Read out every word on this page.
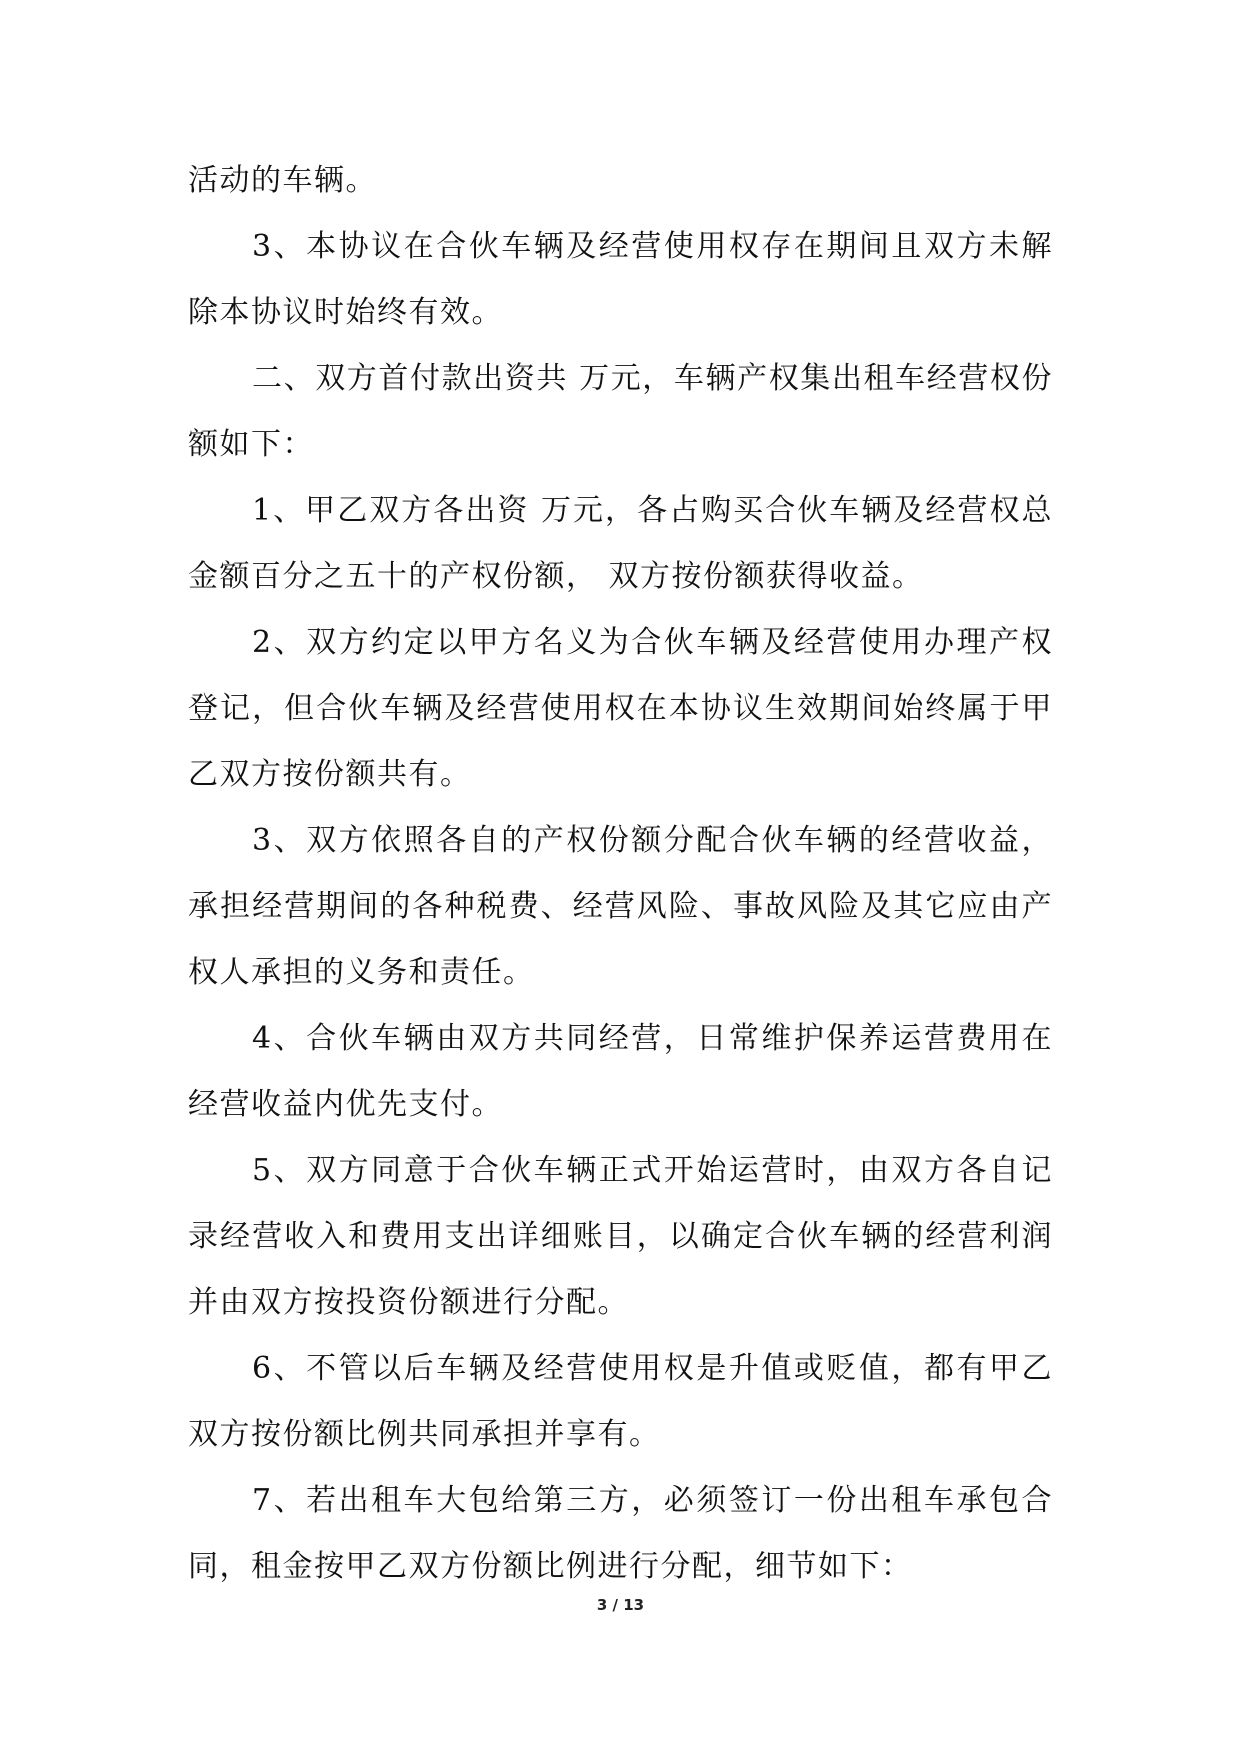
活动的车辆。

3、本协议在合伙车辆及经营使用权存在期间且双方未解除本协议时始终有效。

二、双方首付款出资共 万元，车辆产权集出租车经营权份额如下：

1、甲乙双方各出资 万元，各占购买合伙车辆及经营权总金额百分之五十的产权份额， 双方按份额获得收益。

2、双方约定以甲方名义为合伙车辆及经营使用办理产权登记，但合伙车辆及经营使用权在本协议生效期间始终属于甲乙双方按份额共有。

3、双方依照各自的产权份额分配合伙车辆的经营收益，承担经营期间的各种税费、经营风险、事故风险及其它应由产权人承担的义务和责任。

4、合伙车辆由双方共同经营，日常维护保养运营费用在经营收益内优先支付。

5、双方同意于合伙车辆正式开始运营时，由双方各自记录经营收入和费用支出详细账目，以确定合伙车辆的经营利润并由双方按投资份额进行分配。

6、不管以后车辆及经营使用权是升值或贬值，都有甲乙双方按份额比例共同承担并享有。

7、若出租车大包给第三方，必须签订一份出租车承包合同，租金按甲乙双方份额比例进行分配，细节如下：

3 / 13
